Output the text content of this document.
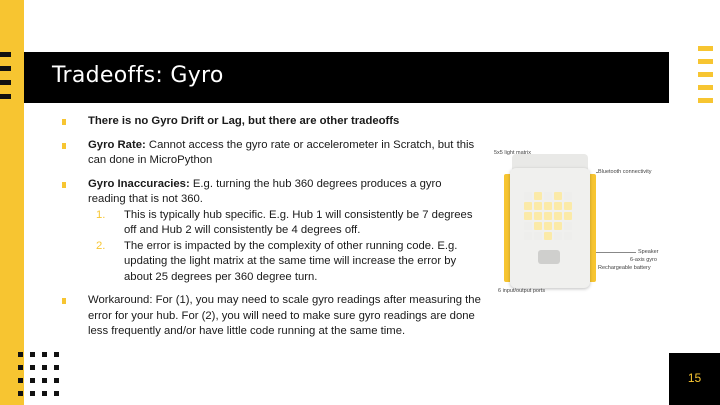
Tradeoffs: Gyro
There is no Gyro Drift or Lag, but there are other tradeoffs
Gyro Rate: Cannot access the gyro rate or accelerometer in Scratch, but this can done in MicroPython
Gyro Inaccuracies: E.g. turning the hub 360 degrees produces a gyro reading that is not 360.
1. This is typically hub specific. E.g. Hub 1 will consistently be 7 degrees off and Hub 2 will consistently be 4 degrees off.
2. The error is impacted by the complexity of other running code. E.g. updating the light matrix at the same time will increase the error by about 25 degrees per 360 degree turn.
Workaround: For (1), you may need to scale gyro readings after measuring the error for your hub. For (2), you will need to make sure gyro readings are done less frequently and/or have little code running at the same time.
5x5 light matrix
Bluetooth connectivity
Speaker
6-axis gyro
Rechargeable battery
6 input/output ports
15
